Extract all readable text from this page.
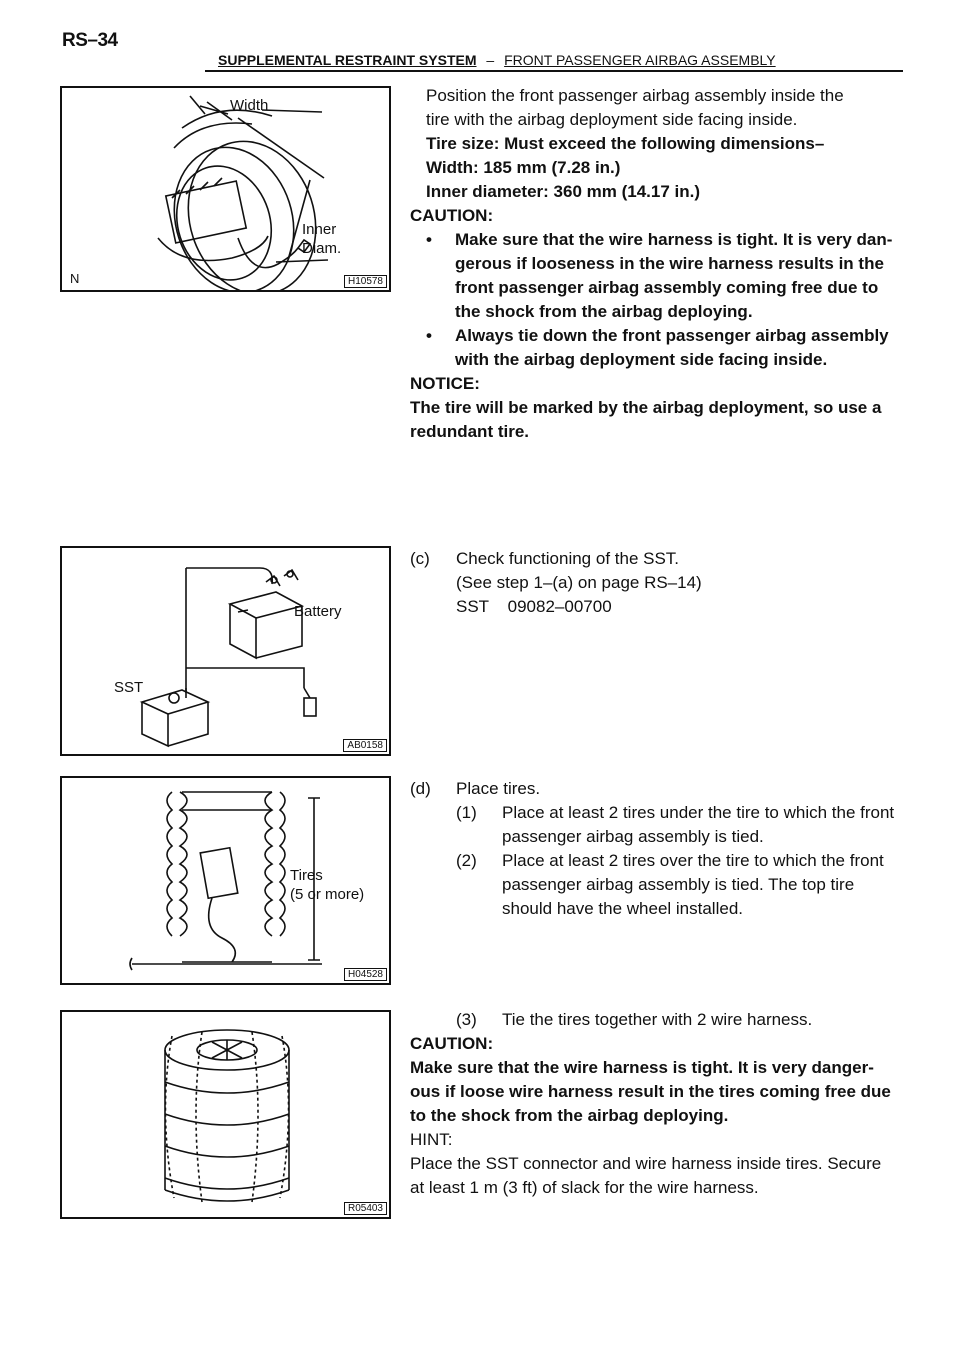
RS–34
SUPPLEMENTAL RESTRAINT SYSTEM – FRONT PASSENGER AIRBAG ASSEMBLY
Width
Inner
Diam.
N	H10578
Battery
SST
AB0158
Tires
(5 or more)
H04528
R05403
Position the front passenger airbag assembly inside the
tire with the airbag deployment side facing inside.
Tire size: Must exceed the following dimensions–
Width: 185 mm (7.28 in.)
Inner diameter: 360 mm (14.17 in.)
CAUTION:
• Make sure that the wire harness is tight. It is very dan-
gerous if looseness in the wire harness results in the
front passenger airbag assembly coming free due to
the shock from the airbag deploying.
• Always tie down the front passenger airbag assembly
with the airbag deployment side facing inside.
NOTICE:
The tire will be marked by the airbag deployment, so use a
redundant tire.
(c) Check functioning of the SST.
(See step 1–(a) on page RS–14)
SST    09082–00700
(d) Place tires.
(1) Place at least 2 tires under the tire to which the front
passenger airbag assembly is tied.
(2) Place at least 2 tires over the tire to which the front
passenger airbag assembly is tied. The top tire
should have the wheel installed.
(3) Tie the tires together with 2 wire harness.
CAUTION:
Make sure that the wire harness is tight. It is very danger-
ous if loose wire harness result in the tires coming free due
to the shock from the airbag deploying.
HINT:
Place the SST connector and wire harness inside tires. Secure
at least 1 m (3 ft) of slack for the wire harness.
